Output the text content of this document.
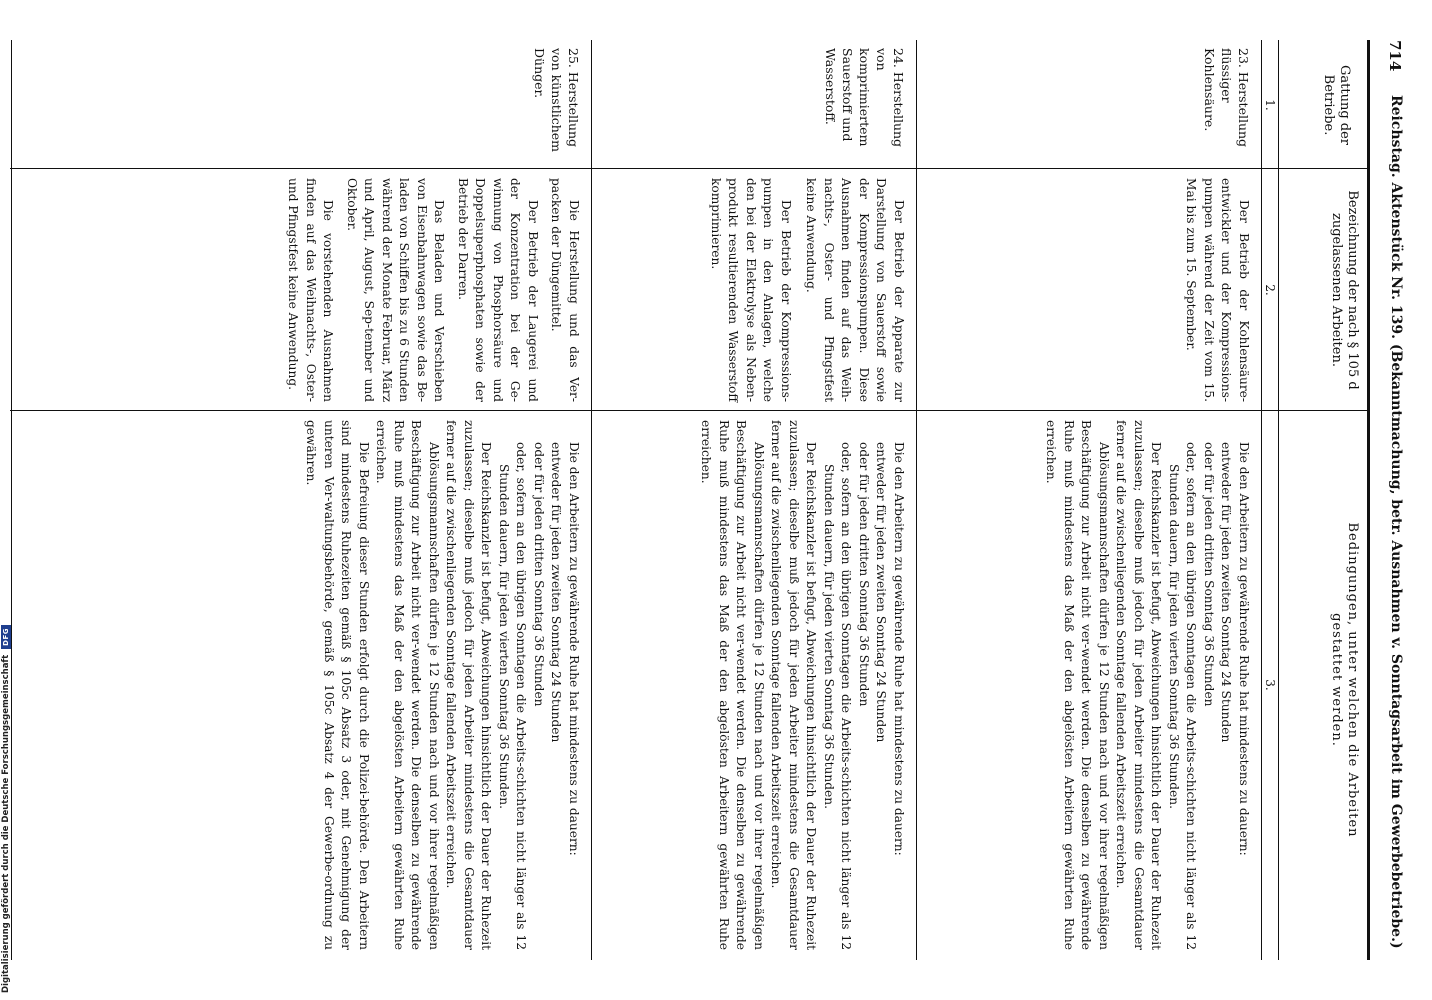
714
Reichstag. Aktenstück Nr. 139. (Bekanntmachung, betr. Ausnahmen v. Sonntagsarbeit im Gewerbebetriebe.)
Gattung der Betriebe.
Bezeichnung der nach § 105 d zugelassenen Arbeiten.
Bedingungen, unter welchen die Arbeiten gestattet werden.
1.
2.
3.
23. Herstellung flüssiger Kohlensäure.

Der Betrieb der Kohlensäure-entwickler und der Kompressions-pumpen während der Zeit vom 15. Mai bis zum 15. September.

Die den Arbeitern zu gewährende Ruhe hat mindestens zu dauern:

entweder für jeden zweiten Sonntag 24 Stunden

oder für jeden dritten Sonntag 36 Stunden

oder, sofern an den übrigen Sonntagen die Arbeits-schichten nicht länger als 12 Stunden dauern, für jeden vierten Sonntag 36 Stunden.

Der Reichskanzler ist befugt, Abweichungen hinsichtlich der Dauer der Ruhezeit zuzulassen; dieselbe muß jedoch für jeden Arbeiter mindestens die Gesamtdauer ferner auf die zwischenliegenden Sonntage fallenden Arbeitszeit erreichen.

Ablösungsmannschaften dürfen je 12 Stunden nach und vor ihrer regelmäßigen Beschäftigung zur Arbeit nicht ver-wendet werden. Die denselben zu gewährende Ruhe muß mindestens das Maß der den abgelösten Arbeitern gewährten Ruhe erreichen.

24. Herstellung von komprimiertem Sauerstoff und Wasserstoff.

Der Betrieb der Apparate zur Darstellung von Sauerstoff sowie der Kompressionspumpen. Diese Ausnahmen finden auf das Weih-nachts-, Oster- und Pfingstfest keine Anwendung.

Der Betrieb der Kompressions-pumpen in den Anlagen, welche den bei der Elektrolyse als Neben-produkt resultierenden Wasserstoff komprimieren.

Die den Arbeitern zu gewährende Ruhe hat mindestens zu dauern:

entweder für jeden zweiten Sonntag 24 Stunden

oder für jeden dritten Sonntag 36 Stunden

oder, sofern an den übrigen Sonntagen die Arbeits-schichten nicht länger als 12 Stunden dauern, für jeden vierten Sonntag 36 Stunden.

Der Reichskanzler ist befugt, Abweichungen hinsichtlich der Dauer der Ruhezeit zuzulassen; dieselbe muß jedoch für jeden Arbeiter mindestens die Gesamtdauer ferner auf die zwischenliegenden Sonntage fallenden Arbeitszeit erreichen.

Ablösungsmannschaften dürfen je 12 Stunden nach und vor ihrer regelmäßigen Beschäftigung zur Arbeit nicht ver-wendet werden. Die denselben zu gewährende Ruhe muß mindestens das Maß der den abgelösten Arbeitern gewährten Ruhe erreichen.

25. Herstellung von künstlichem Dünger.

Die Herstellung und das Ver-packen der Düngemittel.

Der Betrieb der Laugerei und der Konzentration bei der Ge-winnung von Phosphorsäure und Doppelsuperphosphaten sowie der Betrieb der Darren.

Das Beladen und Verschieben von Eisenbahnwagen sowie das Be-laden von Schiffen bis zu 6 Stunden während der Monate Februar, März und April, August, Sep-tember und Oktober.

Die vorstehenden Ausnahmen finden auf das Weihnachts-, Oster- und Pfingstfest keine Anwendung.

Die den Arbeitern zu gewährende Ruhe hat mindestens zu dauern:

entweder für jeden zweiten Sonntag 24 Stunden

oder für jeden dritten Sonntag 36 Stunden

oder, sofern an den übrigen Sonntagen die Arbeits-schichten nicht länger als 12 Stunden dauern, für jeden vierten Sonntag 36 Stunden.

Der Reichskanzler ist befugt, Abweichungen hinsichtlich der Dauer der Ruhezeit zuzulassen; dieselbe muß jedoch für jeden Arbeiter mindestens die Gesamtdauer ferner auf die zwischenliegenden Sonntage fallenden Arbeitszeit erreichen.

Ablösungsmannschaften dürfen je 12 Stunden nach und vor ihrer regelmäßigen Beschäftigung zur Arbeit nicht ver-wendet werden. Die denselben zu gewährende Ruhe muß mindestens das Maß der den abgelösten Arbeitern gewährten Ruhe erreichen.

Die Befreiung dieser Stunden erfolgt durch die Polizei-behörde. Den Arbeitern sind mindestens Ruhezeiten gemäß § 105c Absatz 3 oder, mit Genehmigung der unteren Ver-waltungsbehörde, gemäß § 105c Absatz 4 der Gewerbe-ordnung zu gewähren.

Digitalisierung gefördert durch die Deutsche Forschungsgemeinschaft DFG
